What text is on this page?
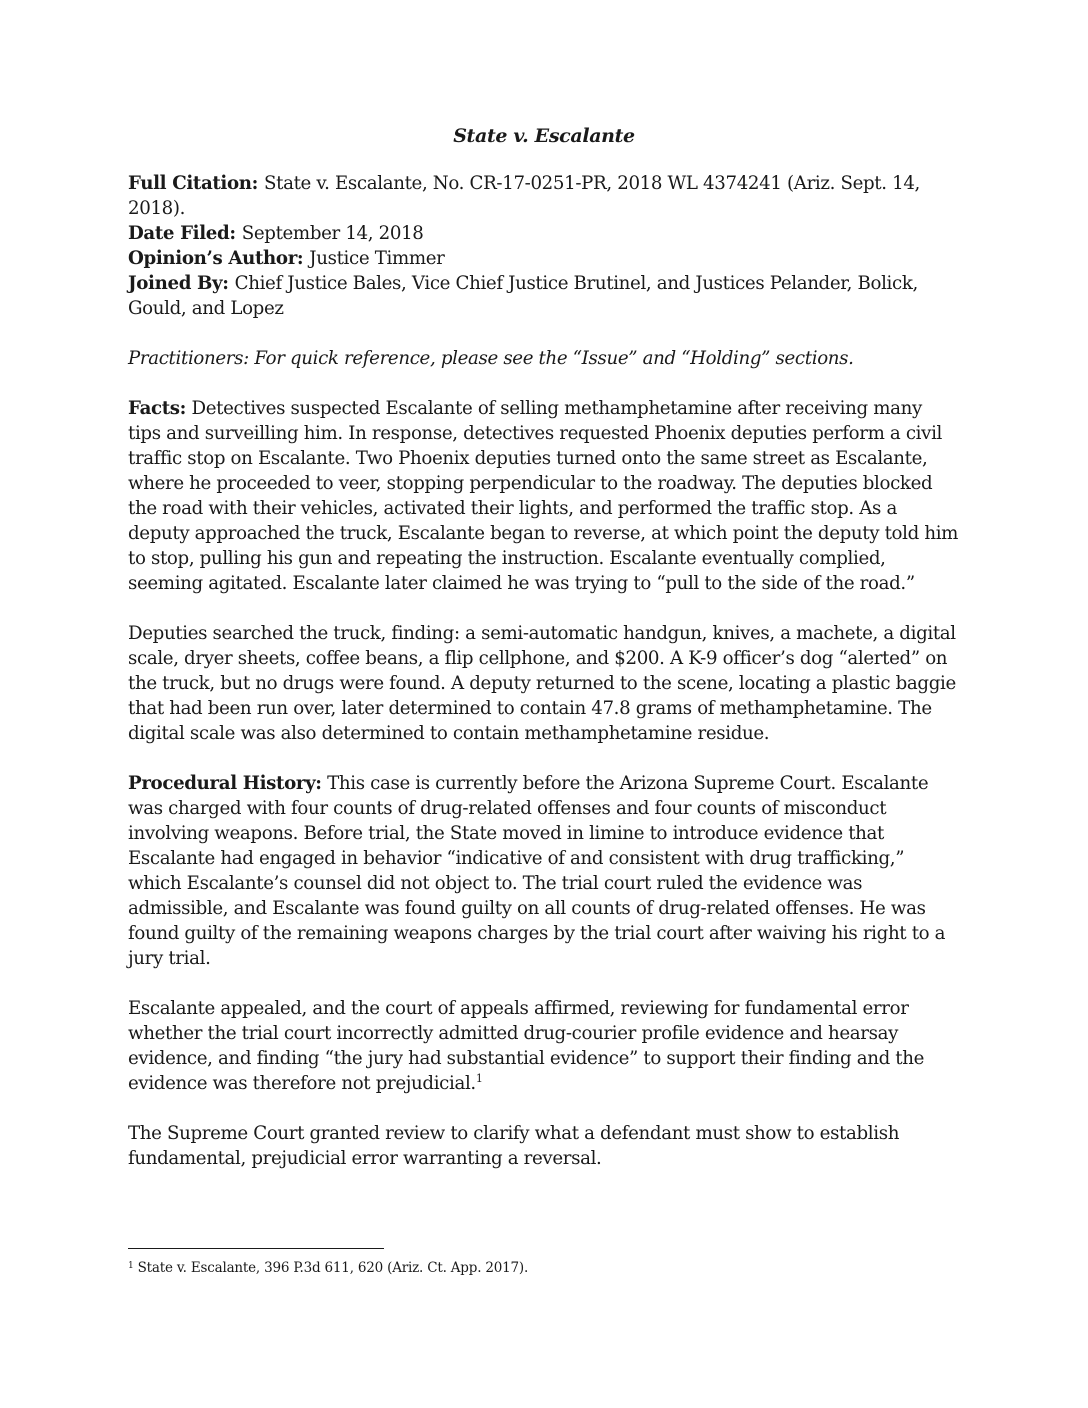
State v. Escalante

Full Citation: State v. Escalante, No. CR-17-0251-PR, 2018 WL 4374241 (Ariz. Sept. 14, 2018).

Date Filed: September 14, 2018

Opinion’s Author: Justice Timmer

Joined By: Chief Justice Bales, Vice Chief Justice Brutinel, and Justices Pelander, Bolick, Gould, and Lopez

Practitioners: For quick reference, please see the “Issue” and “Holding” sections.

Facts: Detectives suspected Escalante of selling methamphetamine after receiving many tips and surveilling him. In response, detectives requested Phoenix deputies perform a civil traffic stop on Escalante. Two Phoenix deputies turned onto the same street as Escalante, where he proceeded to veer, stopping perpendicular to the roadway. The deputies blocked the road with their vehicles, activated their lights, and performed the traffic stop. As a deputy approached the truck, Escalante began to reverse, at which point the deputy told him to stop, pulling his gun and repeating the instruction. Escalante eventually complied, seeming agitated. Escalante later claimed he was trying to “pull to the side of the road.”

Deputies searched the truck, finding: a semi-automatic handgun, knives, a machete, a digital scale, dryer sheets, coffee beans, a flip cellphone, and $200. A K-9 officer’s dog “alerted” on the truck, but no drugs were found. A deputy returned to the scene, locating a plastic baggie that had been run over, later determined to contain 47.8 grams of methamphetamine. The digital scale was also determined to contain methamphetamine residue.

Procedural History: This case is currently before the Arizona Supreme Court. Escalante was charged with four counts of drug-related offenses and four counts of misconduct involving weapons. Before trial, the State moved in limine to introduce evidence that Escalante had engaged in behavior “indicative of and consistent with drug trafficking,” which Escalante’s counsel did not object to. The trial court ruled the evidence was admissible, and Escalante was found guilty on all counts of drug-related offenses. He was found guilty of the remaining weapons charges by the trial court after waiving his right to a jury trial.

Escalante appealed, and the court of appeals affirmed, reviewing for fundamental error whether the trial court incorrectly admitted drug-courier profile evidence and hearsay evidence, and finding “the jury had substantial evidence” to support their finding and the evidence was therefore not prejudicial.$^1$

The Supreme Court granted review to clarify what a defendant must show to establish fundamental, prejudicial error warranting a reversal.

$^1$ State v. Escalante, 396 P.3d 611, 620 (Ariz. Ct. App. 2017).
